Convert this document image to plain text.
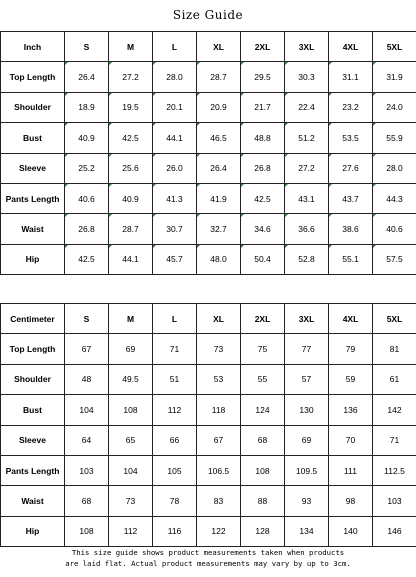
Size Guide
Inch	S	M	L	XL	2XL	3XL	4XL	5XL
Top Length	26.4	27.2	28.0	28.7	29.5	30.3	31.1	31.9
Shoulder	18.9	19.5	20.1	20.9	21.7	22.4	23.2	24.0
Bust	40.9	42.5	44.1	46.5	48.8	51.2	53.5	55.9
Sleeve	25.2	25.6	26.0	26.4	26.8	27.2	27.6	28.0
Pants Length	40.6	40.9	41.3	41.9	42.5	43.1	43.7	44.3
Waist	26.8	28.7	30.7	32.7	34.6	36.6	38.6	40.6
Hip	42.5	44.1	45.7	48.0	50.4	52.8	55.1	57.5
Centimeter	S	M	L	XL	2XL	3XL	4XL	5XL
Top Length	67	69	71	73	75	77	79	81
Shoulder	48	49.5	51	53	55	57	59	61
Bust	104	108	112	118	124	130	136	142
Sleeve	64	65	66	67	68	69	70	71
Pants Length	103	104	105	106.5	108	109.5	111	112.5
Waist	68	73	78	83	88	93	98	103
Hip	108	112	116	122	128	134	140	146
This size guide shows product measurements taken when products
are laid flat. Actual product measurements may vary by up to 3cm.
